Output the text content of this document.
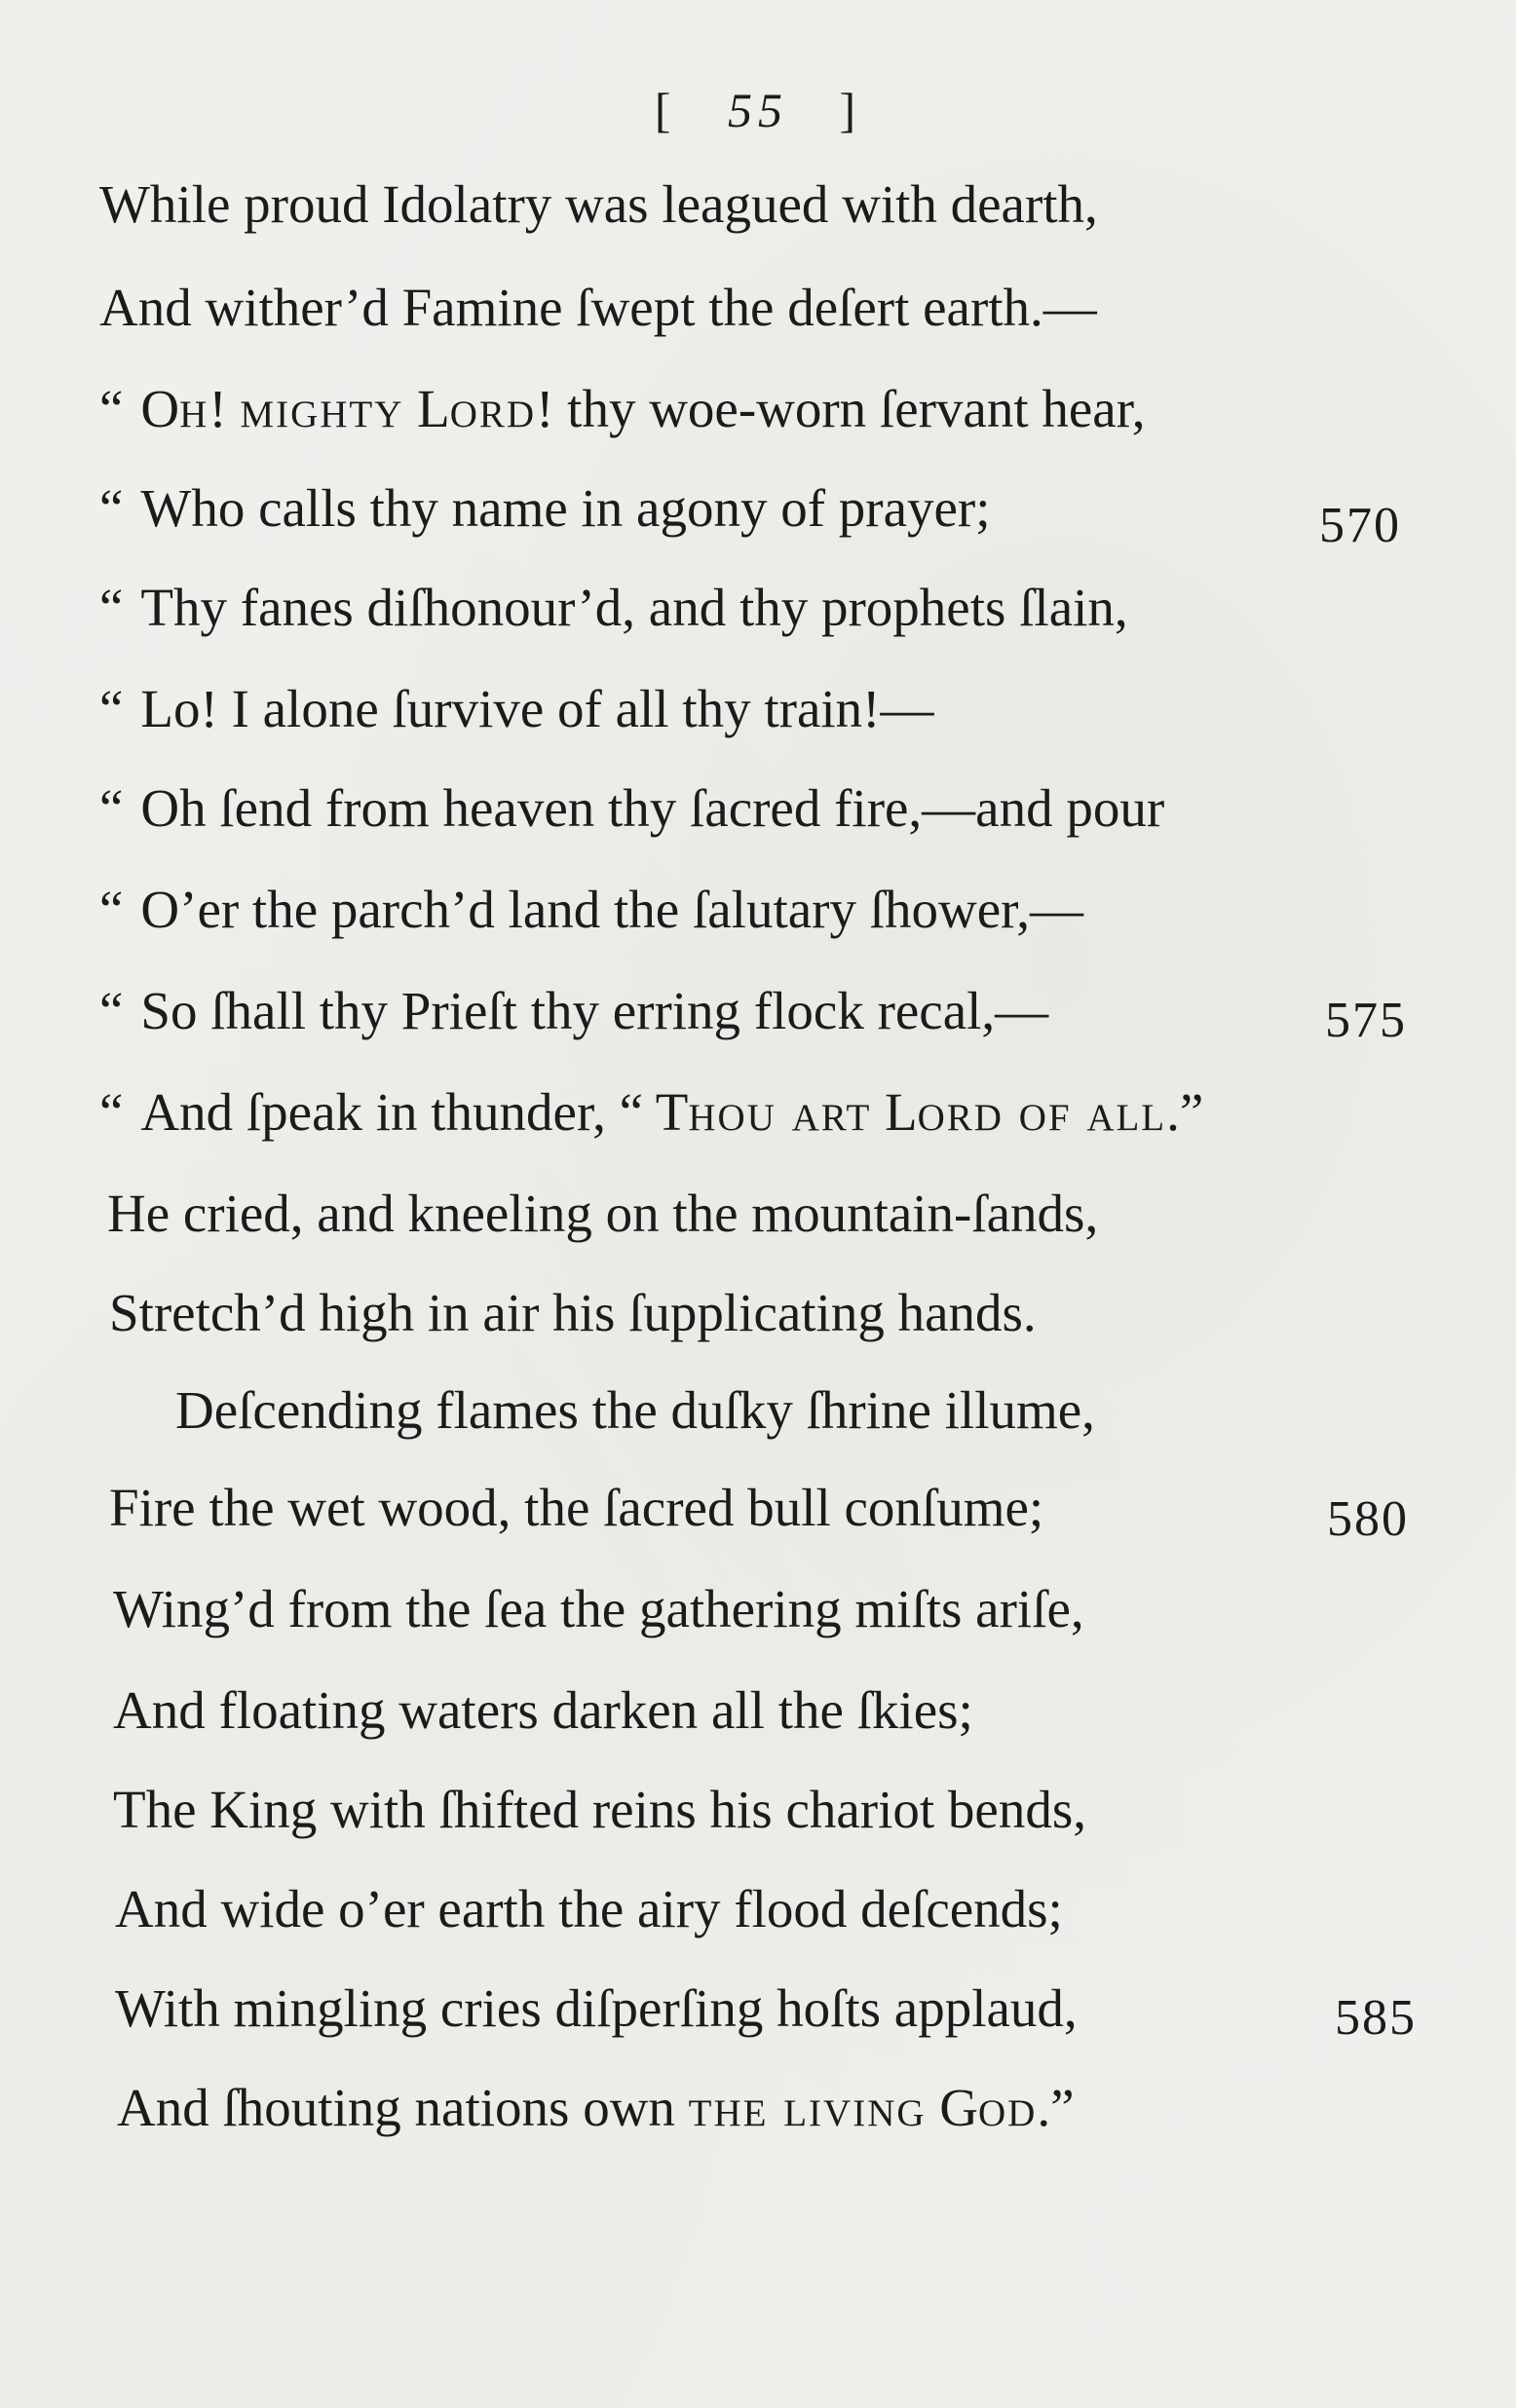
[ 55 ]
While proud Idolatry was leagued with dearth,
And wither’d Famine ſwept the deſert earth.—
“ Oh! mighty Lord! thy woe-worn ſervant hear,
“ Who calls thy name in agony of prayer;	570
“ Thy fanes diſhonour’d, and thy prophets ſlain,
“ Lo! I alone ſurvive of all thy train!—
“ Oh ſend from heaven thy ſacred fire,—and pour
“ O’er the parch’d land the ſalutary ſhower,—
“ So ſhall thy Prieſt thy erring flock recal,—	575
“ And ſpeak in thunder, “ Thou art Lord of all.”
He cried, and kneeling on the mountain-ſands,
Stretch’d high in air his ſupplicating hands.
Deſcending flames the duſky ſhrine illume,
Fire the wet wood, the ſacred bull conſume;	580
Wing’d from the ſea the gathering miſts ariſe,
And floating waters darken all the ſkies;
The King with ſhifted reins his chariot bends,
And wide o’er earth the airy flood deſcends;
With mingling cries diſperſing hoſts applaud,	585
And ſhouting nations own the living God.”
